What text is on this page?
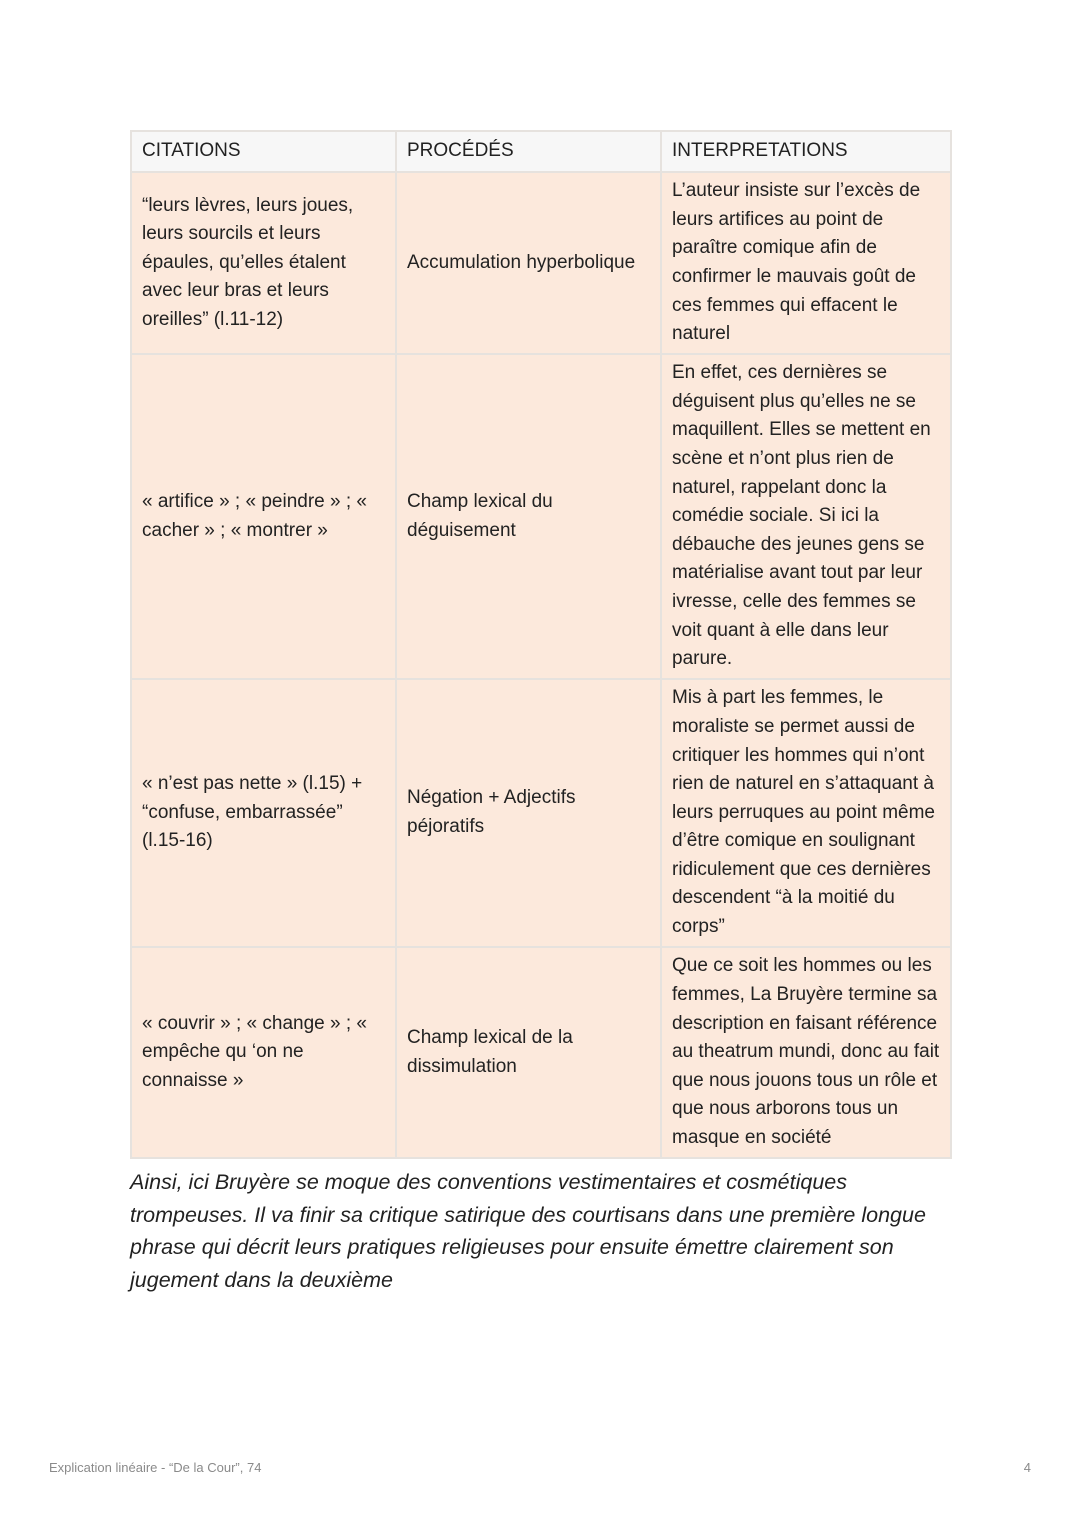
CITATIONS	PROCÉDÉS	INTERPRETATIONS
“leurs lèvres, leurs joues, leurs sourcils et leurs épaules, qu’elles étalent avec leur bras et leurs oreilles” (l.11-12)	Accumulation hyperbolique	L’auteur insiste sur l’excès de leurs artifices au point de paraître comique afin de confirmer le mauvais goût de ces femmes qui effacent le naturel
« artifice » ; « peindre » ; « cacher » ; « montrer »	Champ lexical du déguisement	En effet, ces dernières se déguisent plus qu’elles ne se maquillent. Elles se mettent en scène et n’ont plus rien de naturel, rappelant donc la comédie sociale. Si ici la débauche des jeunes gens se matérialise avant tout par leur ivresse, celle des femmes se voit quant à elle dans leur parure.
« n’est pas nette » (l.15) + “confuse, embarrassée” (l.15-16)	Négation + Adjectifs péjoratifs	Mis à part les femmes, le moraliste se permet aussi de critiquer les hommes qui n’ont rien de naturel en s’attaquant à leurs perruques au point même d’être comique en soulignant ridiculement que ces dernières descendent “à la moitié du corps”
« couvrir » ; « change » ; « empêche qu ‘on ne connaisse »	Champ lexical de la dissimulation	Que ce soit les hommes ou les femmes, La Bruyère termine sa description en faisant référence au theatrum mundi, donc au fait que nous jouons tous un rôle et que nous arborons tous un masque en société

Ainsi, ici Bruyère se moque des conventions vestimentaires et cosmétiques trompeuses. Il va finir sa critique satirique des courtisans dans une première longue phrase qui décrit leurs pratiques religieuses pour ensuite émettre clairement son jugement dans la deuxième

Explication linéaire - “De la Cour”, 74	4
